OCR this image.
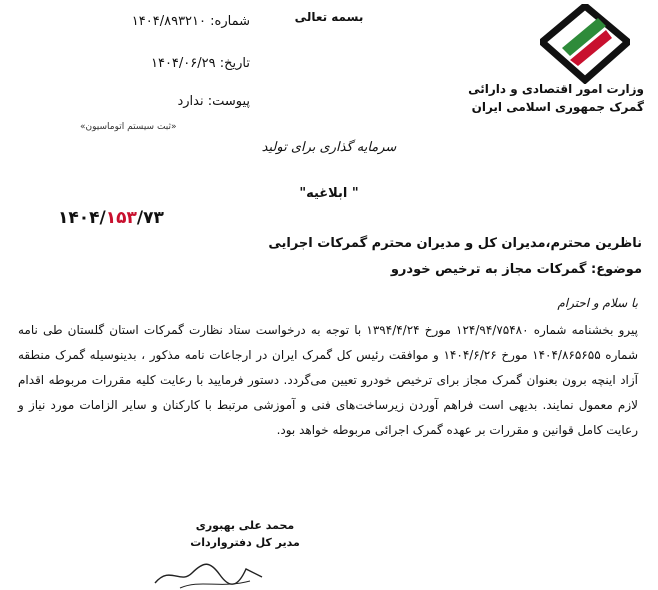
بسمه تعالی
وزارت امور اقتصادی و دارائی
گمرک جمهوری اسلامی ایران
شماره: ۱۴۰۴/۸۹۳۲۱۰
تاریخ: ۱۴۰۴/۰۶/۲۹
پیوست: ندارد
«ثبت سیستم اتوماسیون»
سرمایه گذاری برای تولید
" ابلاغیه"
۱۴۰۴/۱۵۳/۷۳
ناظرین محترم،مدیران کل و مدیران محترم گمرکات اجرایی
موضوع: گمرکات مجاز به ترخیص خودرو
با سلام و احترام
پیرو بخشنامه شماره ۱۲۴/۹۴/۷۵۴۸۰ مورخ ۱۳۹۴/۴/۲۴ با توجه به درخواست ستاد نظارت گمرکات استان گلستان طی نامه شماره ۱۴۰۴/۸۶۵۶۵۵ مورخ ۱۴۰۴/۶/۲۶ و موافقت رئیس کل گمرک ایران در ارجاعات نامه مذکور ، بدینوسیله گمرک منطقه آزاد اینچه برون بعنوان گمرک مجاز برای ترخیص خودرو تعیین می‌گردد. دستور فرمایید با رعایت کلیه مقررات مربوطه اقدام لازم معمول نمایند. بدیهی است فراهم آوردن زیرساخت‌های فنی و آموزشی مرتبط با کارکنان و سایر الزامات مورد نیاز و رعایت کامل قوانین و مقررات بر عهده گمرک اجرائی مربوطه خواهد بود.
محمد علی بهبوری
مدیر کل دفترواردات
